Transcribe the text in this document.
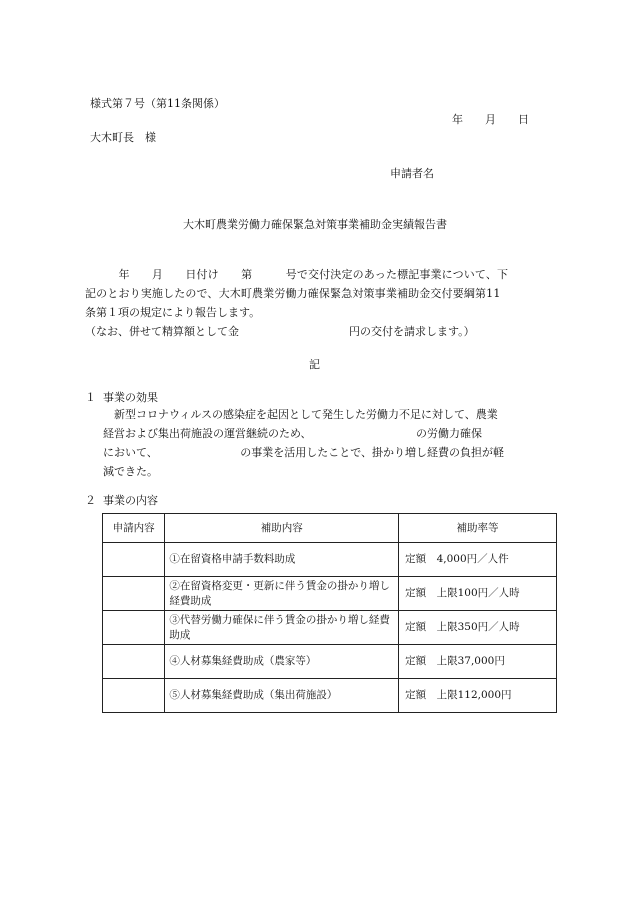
様式第７号（第11条関係）
年　　月　　日
大木町長　様
申請者名
大木町農業労働力確保緊急対策事業補助金実績報告書
　　　年　　月　　日付け　　第　　　号で交付決定のあった標記事業について、下
記のとおり実施したので、大木町農業労働力確保緊急対策事業補助金交付要綱第11
条第１項の規定により報告します。
（なお、併せて精算額として金　　　　　　　　　　円の交付を請求します。）
記
１ 事業の効果
　新型コロナウィルスの感染症を起因として発生した労働力不足に対して、農業
経営および集出荷施設の運営継続のため、　　　　　　　　　　の労働力確保
において、　　　　　　　　の事業を活用したことで、掛かり増し経費の負担が軽
減できた。
２ 事業の内容
申請内容	補助内容	補助率等
	①在留資格申請手数料助成	定額　4,000円／人件
	②在留資格変更・更新に伴う賃金の掛かり増し経費助成	定額　上限100円／人時
	③代替労働力確保に伴う賃金の掛かり増し経費助成	定額　上限350円／人時
	④人材募集経費助成（農家等）	定額　上限37,000円
	⑤人材募集経費助成（集出荷施設）	定額　上限112,000円
